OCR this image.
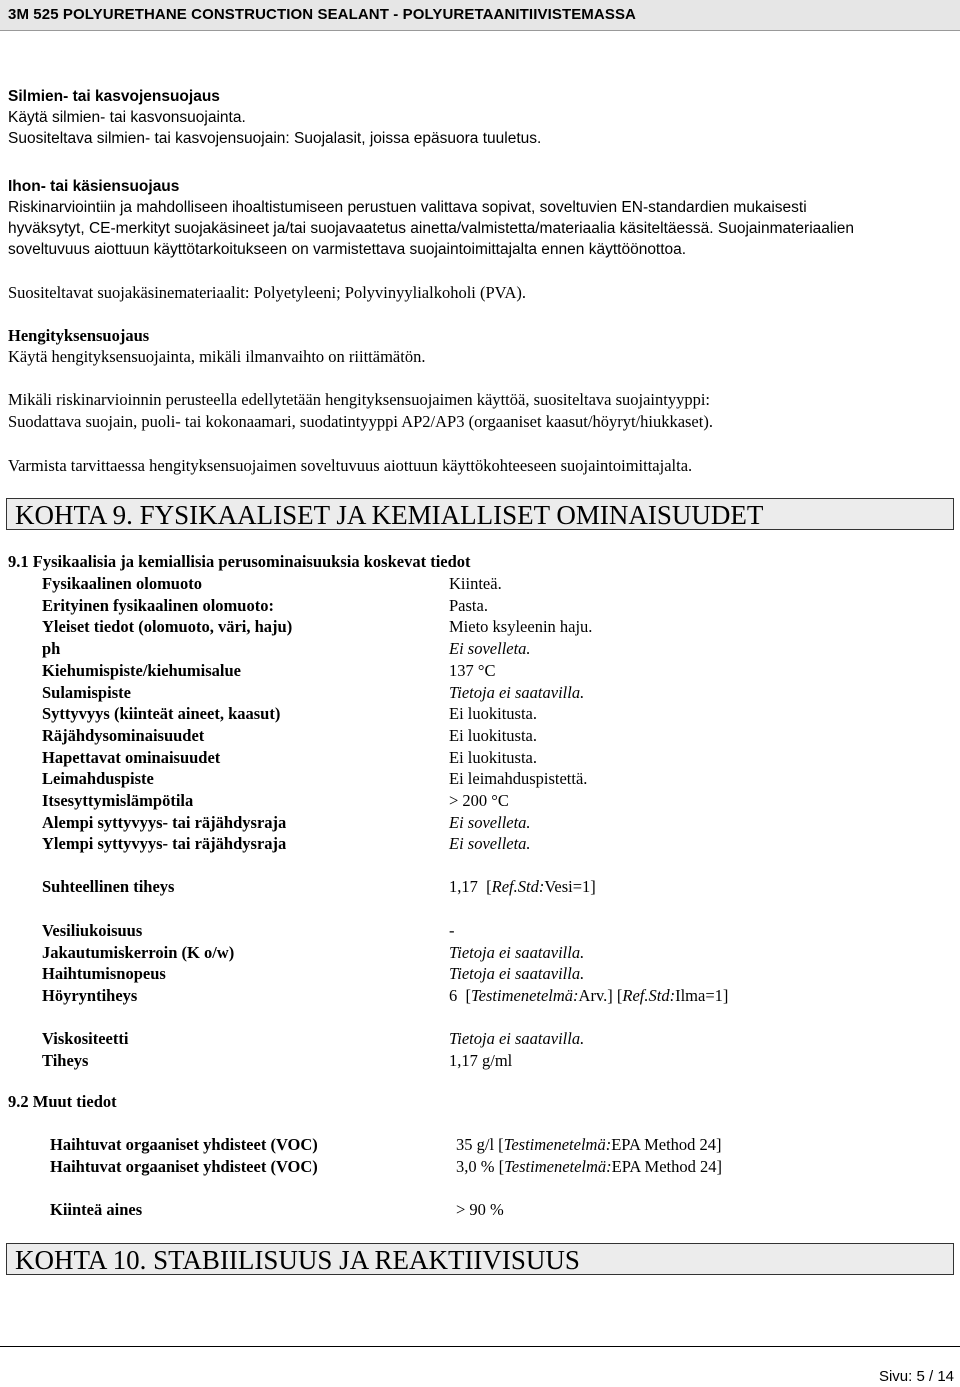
3M 525 POLYURETHANE CONSTRUCTION SEALANT - POLYURETAANITIIVISTEMASSA
Silmien- tai kasvojensuojaus
Käytä silmien- tai kasvonsuojainta.
Suositeltava silmien- tai kasvojensuojain: Suojalasit, joissa epäsuora tuuletus.
Ihon- tai käsiensuojaus
Riskinarviointiin ja mahdolliseen ihoaltistumiseen perustuen valittava sopivat, soveltuvien EN-standardien mukaisesti
hyväksytyt, CE-merkityt suojakäsineet ja/tai suojavaatetus ainetta/valmistetta/materiaalia käsiteltäessä. Suojainmateriaalien
soveltuvuus aiottuun käyttötarkoitukseen on varmistettava suojaintoimittajalta ennen käyttöönottoa.
Suositeltavat suojakäsinemateriaalit: Polyetyleeni; Polyvinyylialkoholi (PVA).
Hengityksensuojaus
Käytä hengityksensuojainta, mikäli ilmanvaihto on riittämätön.
Mikäli riskinarvioinnin perusteella edellytetään hengityksensuojaimen käyttöä, suositeltava suojaintyyppi:
Suodattava suojain, puoli- tai kokonaamari, suodatintyyppi AP2/AP3 (orgaaniset kaasut/höyryt/hiukkaset).
Varmista tarvittaessa hengityksensuojaimen soveltuvuus aiottuun käyttökohteeseen suojaintoimittajalta.
KOHTA 9. FYSIKAALISET JA KEMIALLISET OMINAISUUDET
9.1 Fysikaalisia ja kemiallisia perusominaisuuksia koskevat tiedot
Fysikaalinen olomuoto	Kiinteä.
Erityinen fysikaalinen olomuoto:	Pasta.
Yleiset tiedot (olomuoto, väri, haju)	Mieto ksyleenin haju.
ph	Ei sovelleta.
Kiehumispiste/kiehumisalue	137 °C
Sulamispiste	Tietoja ei saatavilla.
Syttyvyys (kiinteät aineet, kaasut)	Ei luokitusta.
Räjähdysominaisuudet	Ei luokitusta.
Hapettavat ominaisuudet	Ei luokitusta.
Leimahduspiste	Ei leimahduspistettä.
Itsesyttymislämpötila	> 200 °C
Alempi syttyvyys- tai räjähdysraja	Ei sovelleta.
Ylempi syttyvyys- tai räjähdysraja	Ei sovelleta.
Suhteellinen tiheys	1,17 [Ref.Std:Vesi=1]
Vesiliukoisuus	-
Jakautumiskerroin (K o/w)	Tietoja ei saatavilla.
Haihtumisnopeus	Tietoja ei saatavilla.
Höyryntiheys	6 [Testimenetelmä:Arv.] [Ref.Std:Ilma=1]
Viskositeetti	Tietoja ei saatavilla.
Tiheys	1,17 g/ml
9.2 Muut tiedot
Haihtuvat orgaaniset yhdisteet (VOC)	35 g/l [Testimenetelmä:EPA Method 24]
Haihtuvat orgaaniset yhdisteet (VOC)	3,0 % [Testimenetelmä:EPA Method 24]
Kiinteä aines	> 90 %
KOHTA 10. STABIILISUUS JA REAKTIIVISUUS
Sivu: 5 / 14
